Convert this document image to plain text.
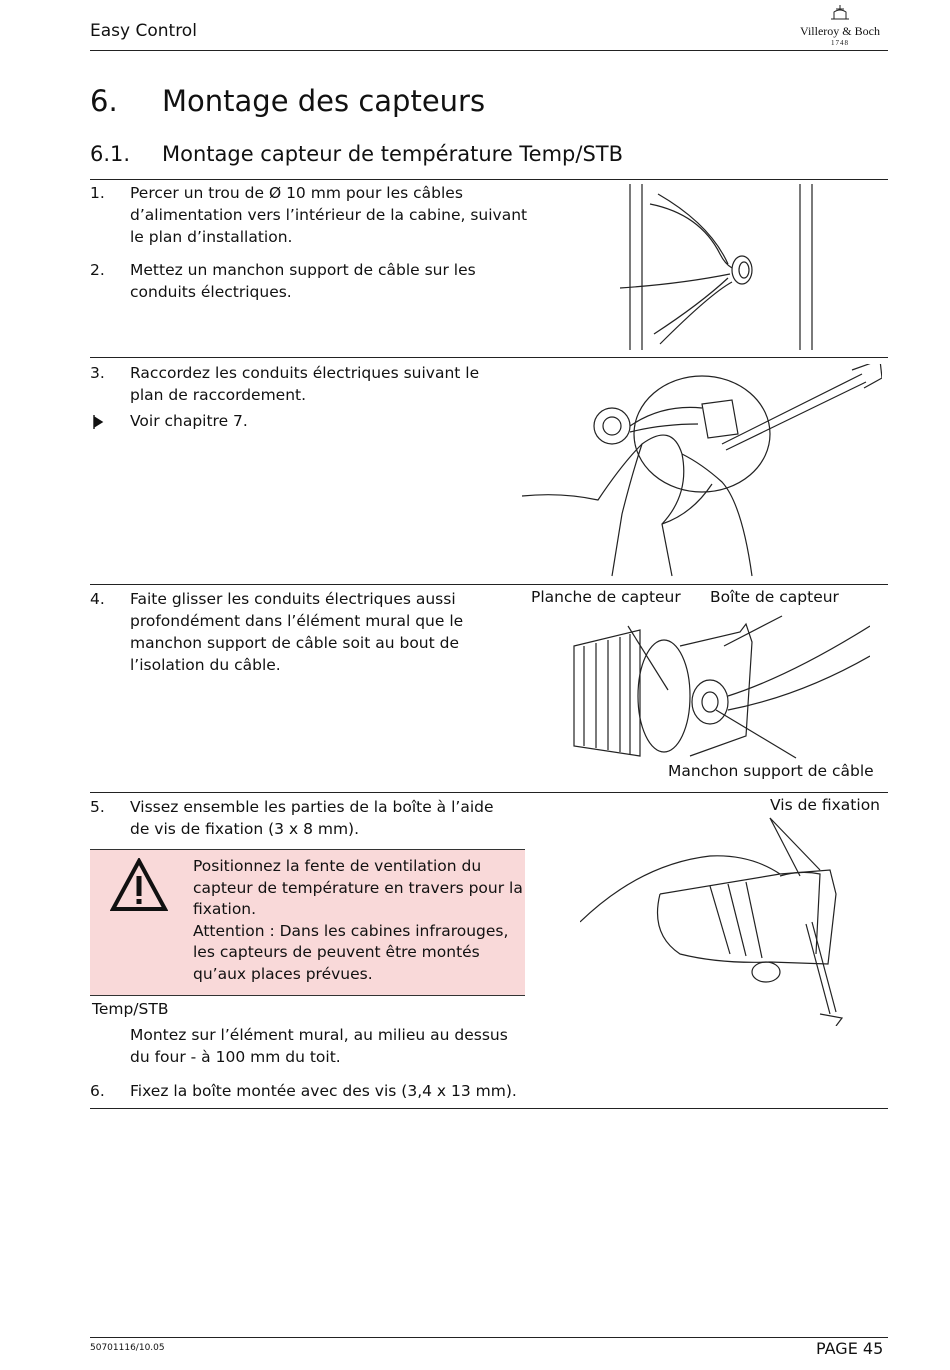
Easy Control	Villeroy & Boch
1748
6. Montage des capteurs
6.1. Montage capteur de température Temp/STB
1. Percer un trou de Ø 10 mm pour les câbles
d’alimentation vers l’intérieur de la cabine, suivant
le plan d’installation.
2. Mettez un manchon support de câble sur les
conduits électriques.
3. Raccordez les conduits électriques suivant le
plan de raccordement.
Voir chapitre 7.
4. Faite glisser les conduits électriques aussi
profondément dans l’élément mural que le
manchon support de câble soit au bout de
l’isolation du câble.
Planche de capteur Boîte de capteur
Manchon support de câble
5. Vissez ensemble les parties de la boîte à l’aide
de vis de fixation (3 x 8 mm).
Vis de fixation
Positionnez la fente de ventilation du
capteur de température en travers pour la
fixation.
Attention : Dans les cabines infrarouges,
les capteurs de peuvent être montés
qu’aux places prévues.
Temp/STB
Montez sur l’élément mural, au milieu au dessus
du four - à 100 mm du toit.
6. Fixez la boîte montée avec des vis (3,4 x 13 mm).
50701116/10.05	PAGE 45
